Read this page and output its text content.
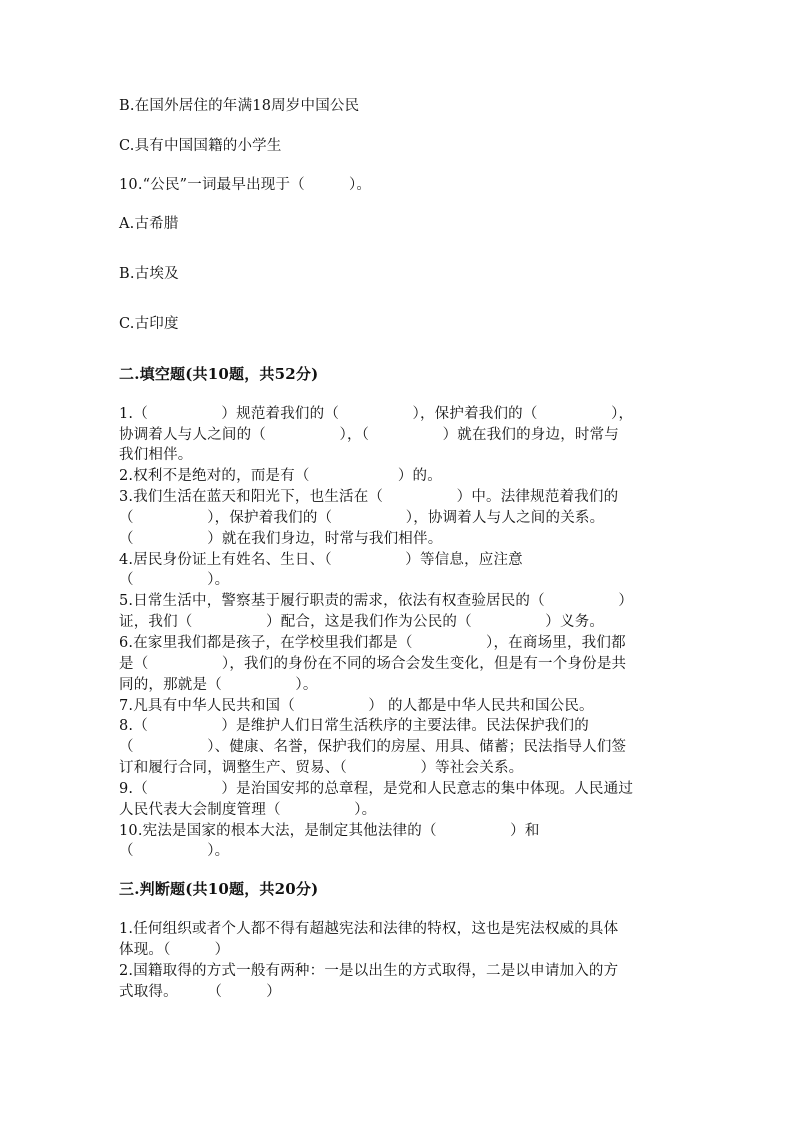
B.在国外居住的年满18周岁中国公民
C.具有中国国籍的小学生
10.“公民”一词最早出现于（　　　）。
A.古希腊
B.古埃及
C.古印度
二.填空题(共10题，共52分)
1.（　　　　　）规范着我们的（　　　　　），保护着我们的（　　　　　），
协调着人与人之间的（　　　　　），（　　　　　）就在我们的身边，时常与
我们相伴。
2.权利不是绝对的，而是有（　　　　　　）的。
3.我们生活在蓝天和阳光下，也生活在（　　　　　）中。法律规范着我们的
（　　　　　），保护着我们的（　　　　　），协调着人与人之间的关系。
（　　　　　）就在我们身边，时常与我们相伴。
4.居民身份证上有姓名、生日、（　　　　　）等信息，应注意
（　　　　　）。
5.日常生活中，警察基于履行职责的需求，依法有权查验居民的（　　　　　）
证，我们（　　　　　）配合，这是我们作为公民的（　　　　　）义务。
6.在家里我们都是孩子，在学校里我们都是（　　　　　），在商场里，我们都
是（　　　　　），我们的身份在不同的场合会发生变化，但是有一个身份是共
同的，那就是（　　　　　）。
7.凡具有中华人民共和国（　　　　　） 的人都是中华人民共和国公民。
8.（　　　　　）是维护人们日常生活秩序的主要法律。民法保护我们的
（　　　　　）、健康、名誉，保护我们的房屋、用具、储蓄；民法指导人们签
订和履行合同，调整生产、贸易、（　　　　　）等社会关系。
9.（　　　　　）是治国安邦的总章程，是党和人民意志的集中体现。人民通过
人民代表大会制度管理（　　　　　）。
10.宪法是国家的根本大法，是制定其他法律的（　　　　　）和
（　　　　　）。
三.判断题(共10题，共20分)
1.任何组织或者个人都不得有超越宪法和法律的特权，这也是宪法权威的具体
体现。（　　　）
2.国籍取得的方式一般有两种：一是以出生的方式取得，二是以申请加入的方
式取得。　　　（　　　）
